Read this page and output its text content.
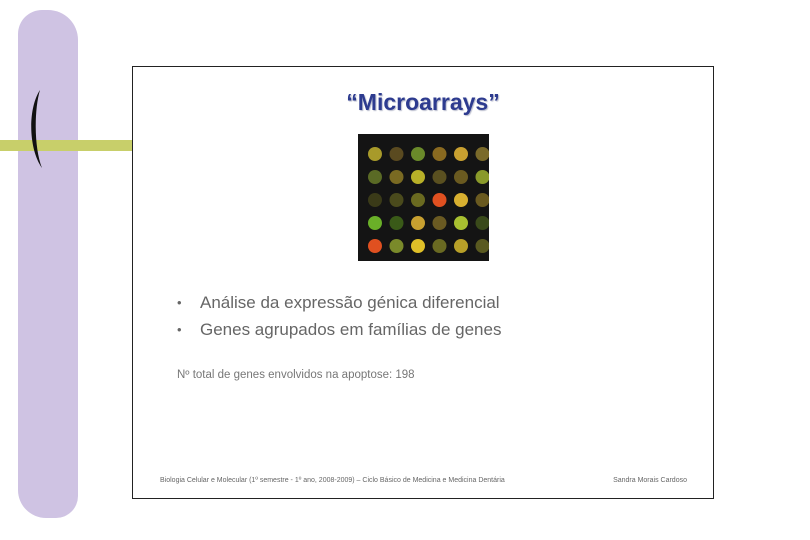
“Microarrays”
• Análise da expressão génica diferencial
• Genes agrupados em famílias de genes
Nº total de genes envolvidos na apoptose: 198
Biologia Celular e Molecular (1º semestre - 1º ano, 2008-2009) – Ciclo Básico de Medicina e Medicina Dentária	Sandra Morais Cardoso
